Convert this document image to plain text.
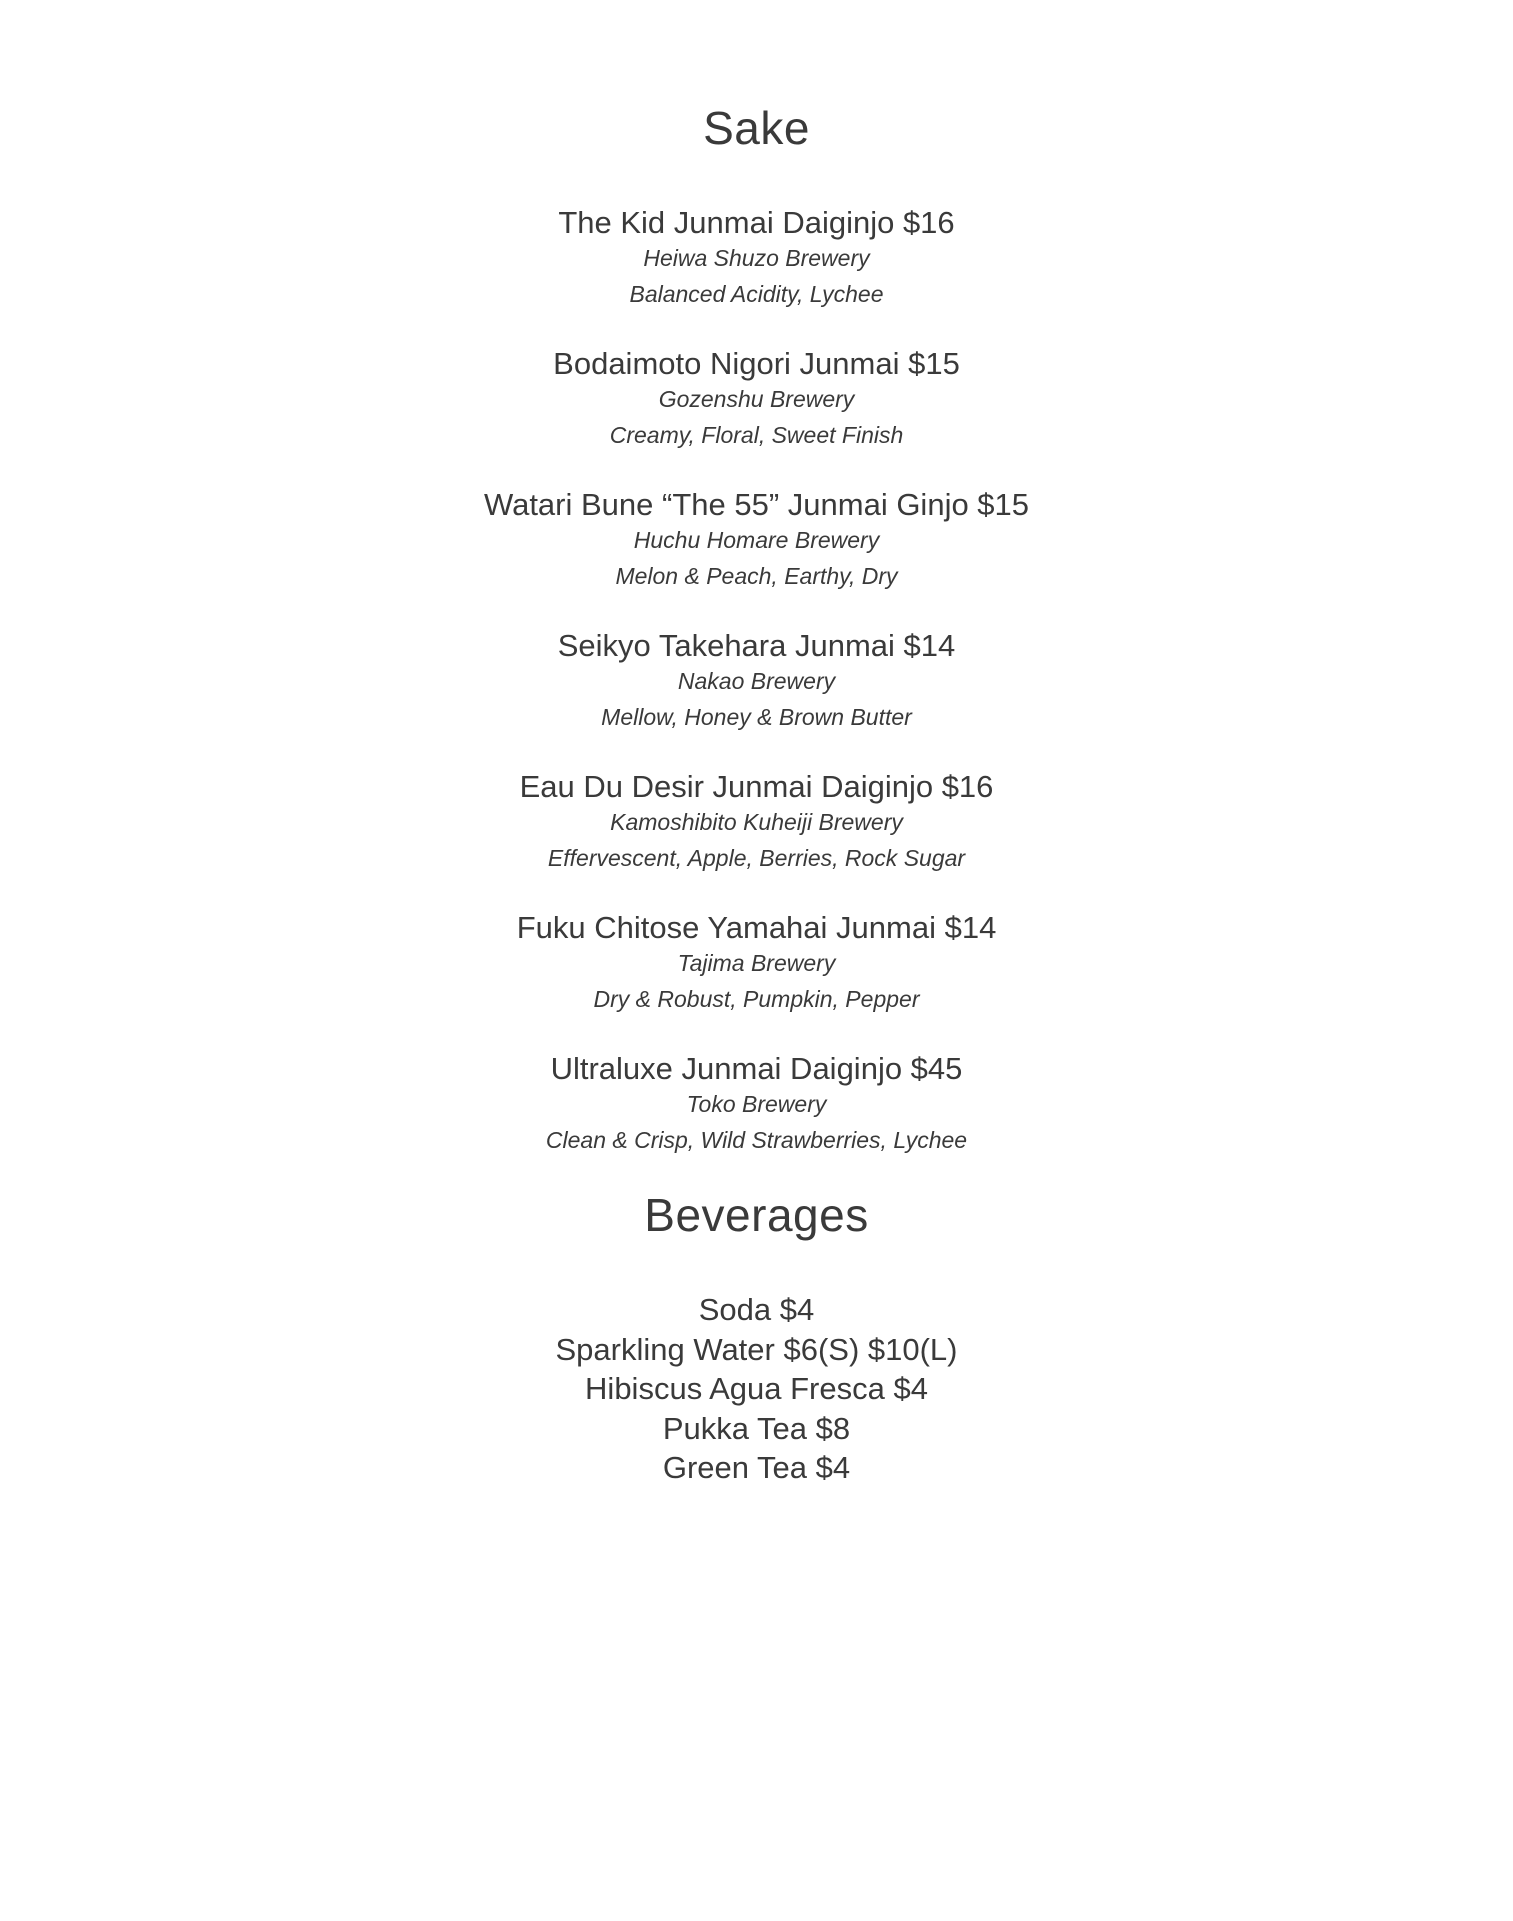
Sake
The Kid Junmai Daiginjo $16
Heiwa Shuzo Brewery
Balanced Acidity, Lychee
Bodaimoto Nigori Junmai $15
Gozenshu Brewery
Creamy, Floral, Sweet Finish
Watari Bune “The 55” Junmai Ginjo $15
Huchu Homare Brewery
Melon & Peach, Earthy, Dry
Seikyo Takehara Junmai $14
Nakao Brewery
Mellow, Honey & Brown Butter
Eau Du Desir Junmai Daiginjo $16
Kamoshibito Kuheiji Brewery
Effervescent, Apple, Berries, Rock Sugar
Fuku Chitose Yamahai Junmai $14
Tajima Brewery
Dry & Robust, Pumpkin, Pepper
Ultraluxe Junmai Daiginjo $45
Toko Brewery
Clean & Crisp, Wild Strawberries, Lychee
Beverages
Soda $4
Sparkling Water $6(S) $10(L)
Hibiscus Agua Fresca $4
Pukka Tea $8
Green Tea $4
